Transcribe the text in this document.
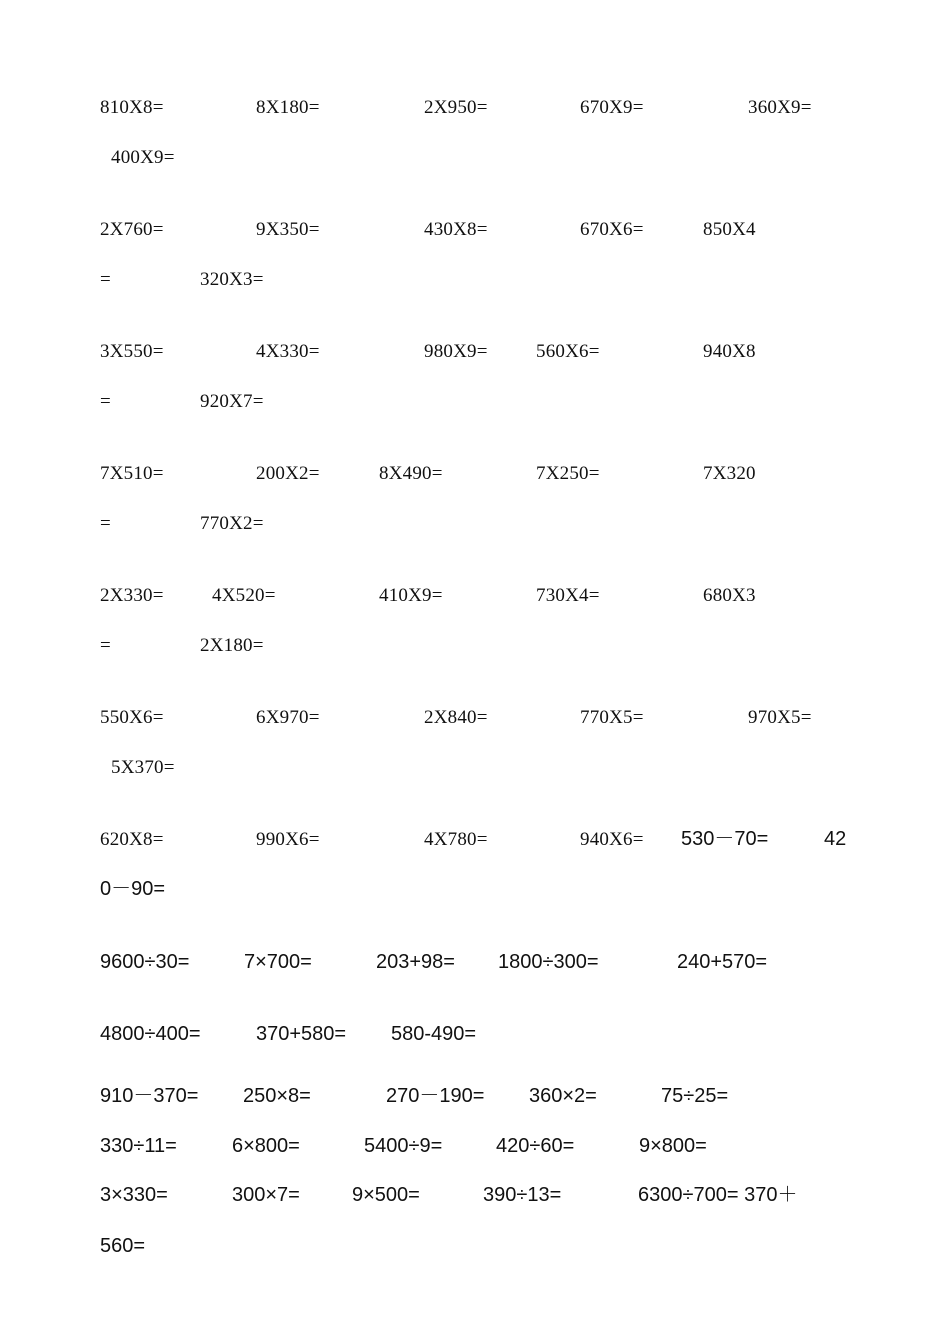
810X8=	8X180=	2X950=	670X9=	360X9=
400X9=
2X760=	9X350=	430X8=	670X6=	850X4
=	320X3=
3X550=	4X330=	980X9=	560X6=	940X8
=	920X7=
7X510=	200X2=	8X490=	7X250=	7X320
=	770X2=
2X330=	4X520=	410X9=	730X4=	680X3
=	2X180=
550X6=	6X970=	2X840=	770X5=	970X5=
5X370=
620X8=	990X6=	4X780=	940X6= 530－70=	42
0－90=
9600÷30=	7×700=	203+98= 1800÷300=	240+570=
4800÷400=	370+580= 580-490=
910－370= 250×8=	270－190= 360×2=	75÷25=
330÷11=	6×800=	5400÷9=	420÷60=	9×800=
3×330=	300×7=	9×500=	390÷13=	6300÷700= 370＋
560=
